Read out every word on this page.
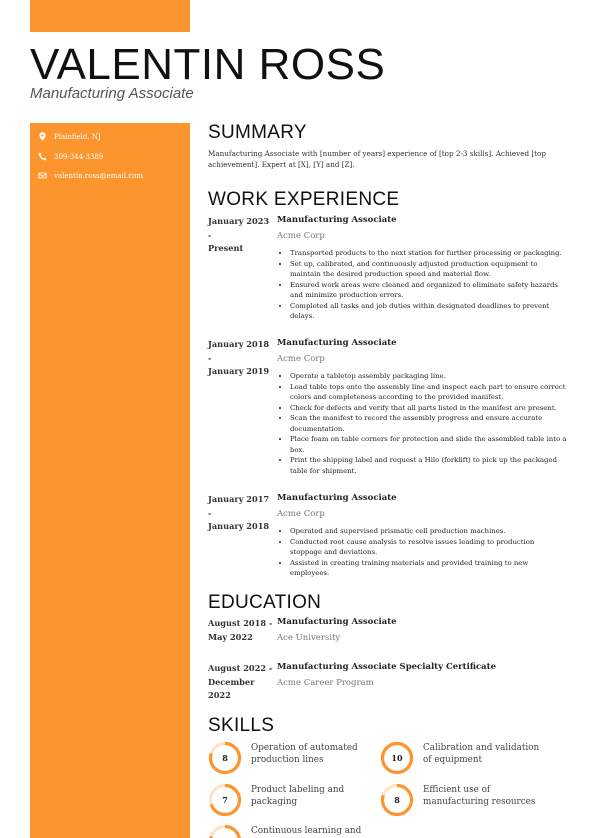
VALENTIN ROSS
Manufacturing Associate
Plainfield, NJ
309-344-3389
valentin.ross@email.com
SUMMARY
Manufacturing Associate with [number of years] experience of [top 2-3 skills]. Achieved [top achievement]. Expert at [X], [Y] and [Z].
WORK EXPERIENCE
January 2023 -
Present
Manufacturing Associate
Acme Corp
• Transported products to the next station for further processing or packaging.
• Set up, calibrated, and continuously adjusted production equipment to maintain the desired production speed and material flow.
• Ensured work areas were cleaned and organized to eliminate safety hazards and minimize production errors.
• Completed all tasks and job duties within designated deadlines to prevent delays.
January 2018 -
January 2019
Manufacturing Associate
Acme Corp
• Operate a tabletop assembly packaging line.
• Load table tops onto the assembly line and inspect each part to ensure correct colors and completeness according to the provided manifest.
• Check for defects and verify that all parts listed in the manifest are present.
• Scan the manifest to record the assembly progress and ensure accurate documentation.
• Place foam on table corners for protection and slide the assembled table into a box.
• Print the shipping label and request a Hilo (forklift) to pick up the packaged table for shipment.
January 2017 -
January 2018
Manufacturing Associate
Acme Corp
• Operated and supervised prismatic cell production machines.
• Conducted root cause analysis to resolve issues leading to production stoppage and deviations.
• Assisted in creating training materials and provided training to new employees.
EDUCATION
August 2018 -
May 2022
Manufacturing Associate
Ace University
August 2022 -
December 2022
Manufacturing Associate Specialty Certificate
Acme Career Program
SKILLS
8
Operation of automated production lines	10
Calibration and validation of equipment
7
Product labeling and packaging	8
Efficient use of manufacturing resources
Continuous learning and
